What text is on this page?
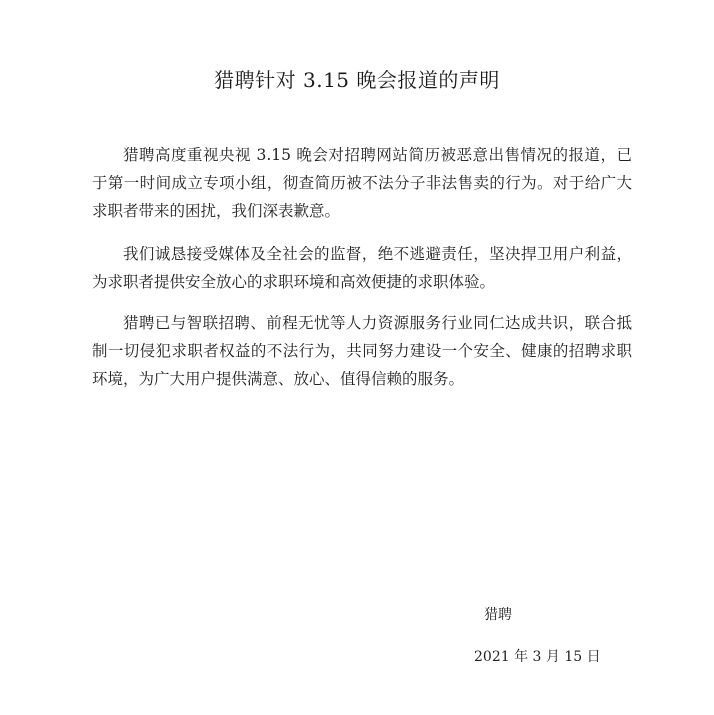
猎聘针对 3.15 晚会报道的声明

猎聘高度重视央视 3.15 晚会对招聘网站简历被恶意出售情况的报道，已于第一时间成立专项小组，彻查简历被不法分子非法售卖的行为。对于给广大求职者带来的困扰，我们深表歉意。

我们诚恳接受媒体及全社会的监督，绝不逃避责任，坚决捍卫用户利益，为求职者提供安全放心的求职环境和高效便捷的求职体验。

猎聘已与智联招聘、前程无忧等人力资源服务行业同仁达成共识，联合抵制一切侵犯求职者权益的不法行为，共同努力建设一个安全、健康的招聘求职环境，为广大用户提供满意、放心、值得信赖的服务。

猎聘
2021 年 3 月 15 日
